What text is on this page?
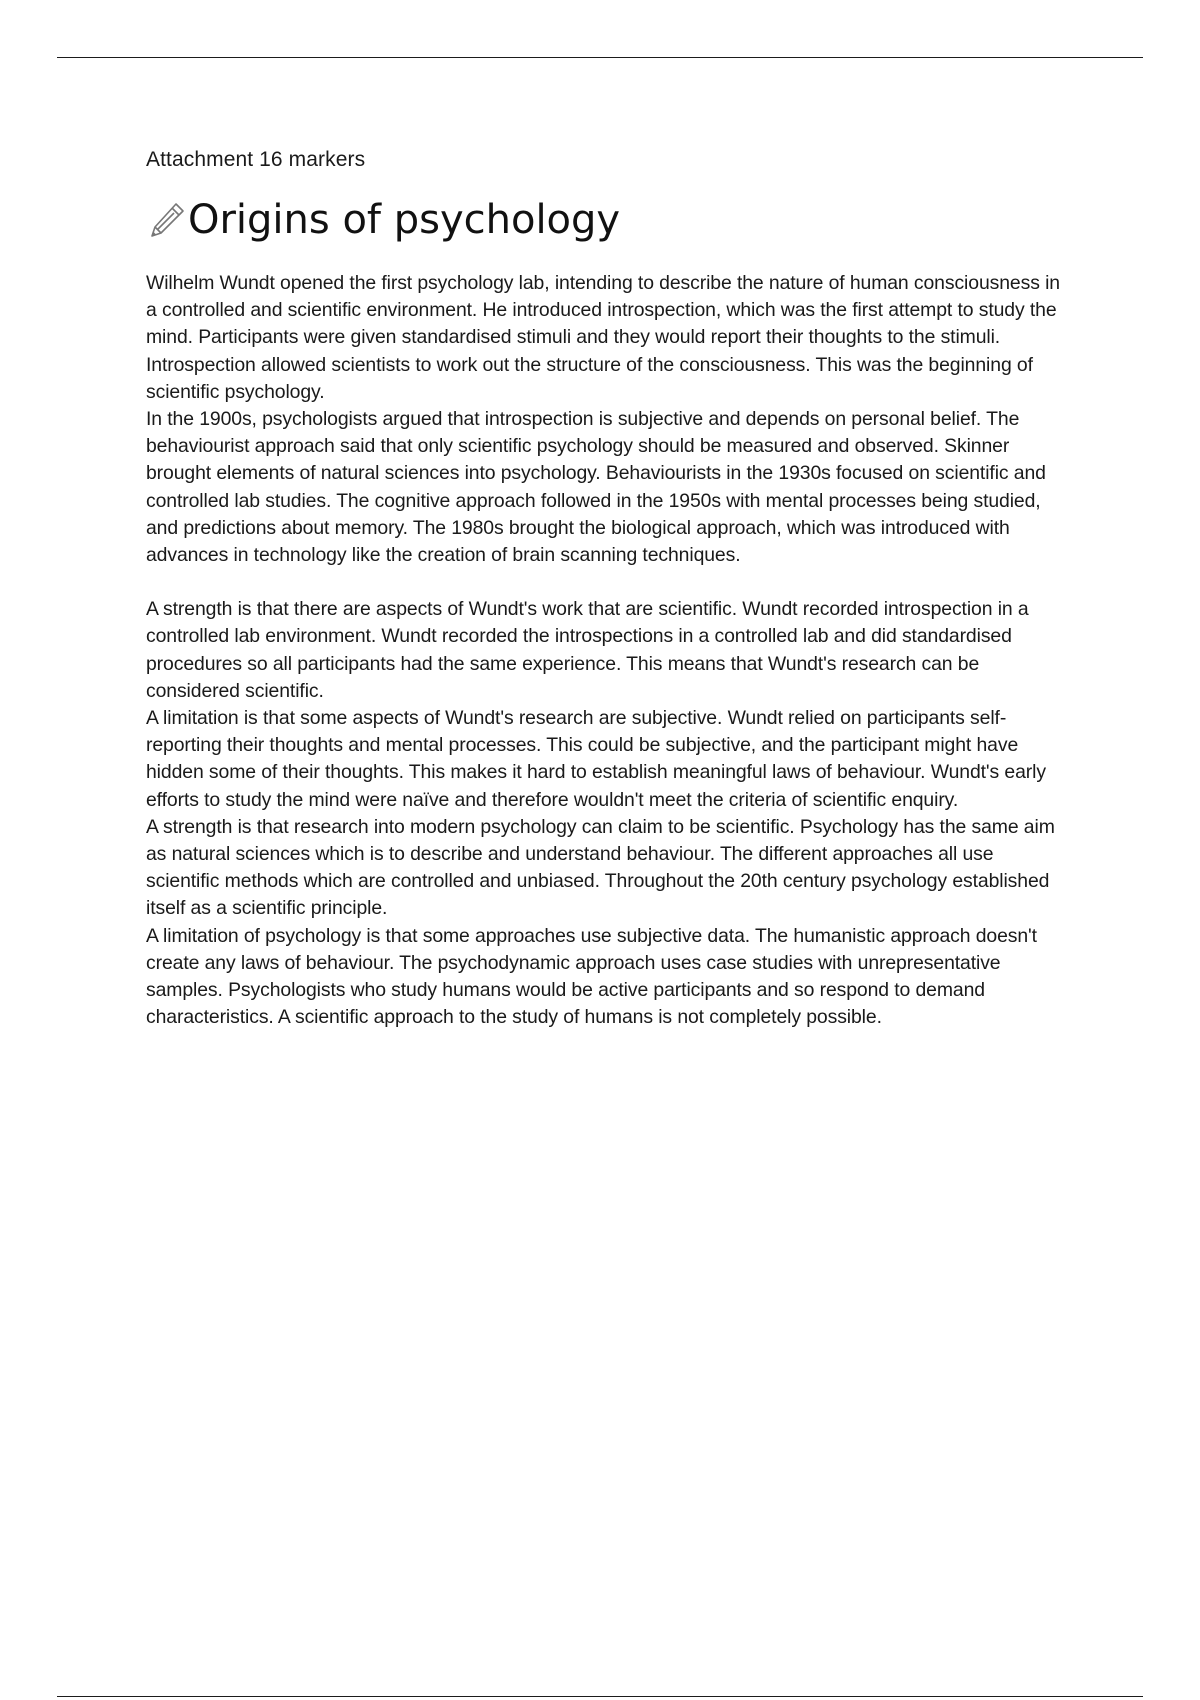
Attachment 16 markers

Origins of psychology

Wilhelm Wundt opened the first psychology lab, intending to describe the nature of human consciousness in a controlled and scientific environment. He introduced introspection, which was the first attempt to study the mind. Participants were given standardised stimuli and they would report their thoughts to the stimuli. Introspection allowed scientists to work out the structure of the consciousness. This was the beginning of scientific psychology.

In the 1900s, psychologists argued that introspection is subjective and depends on personal belief. The behaviourist approach said that only scientific psychology should be measured and observed. Skinner brought elements of natural sciences into psychology. Behaviourists in the 1930s focused on scientific and controlled lab studies. The cognitive approach followed in the 1950s with mental processes being studied, and predictions about memory. The 1980s brought the biological approach, which was introduced with advances in technology like the creation of brain scanning techniques.

A strength is that there are aspects of Wundt's work that are scientific. Wundt recorded introspection in a controlled lab environment. Wundt recorded the introspections in a controlled lab and did standardised procedures so all participants had the same experience. This means that Wundt's research can be considered scientific.

A limitation is that some aspects of Wundt's research are subjective. Wundt relied on participants self-reporting their thoughts and mental processes. This could be subjective, and the participant might have hidden some of their thoughts. This makes it hard to establish meaningful laws of behaviour. Wundt's early efforts to study the mind were naïve and therefore wouldn't meet the criteria of scientific enquiry.

A strength is that research into modern psychology can claim to be scientific. Psychology has the same aim as natural sciences which is to describe and understand behaviour. The different approaches all use scientific methods which are controlled and unbiased. Throughout the 20th century psychology established itself as a scientific principle.

A limitation of psychology is that some approaches use subjective data. The humanistic approach doesn't create any laws of behaviour. The psychodynamic approach uses case studies with unrepresentative samples. Psychologists who study humans would be active participants and so respond to demand characteristics. A scientific approach to the study of humans is not completely possible.
